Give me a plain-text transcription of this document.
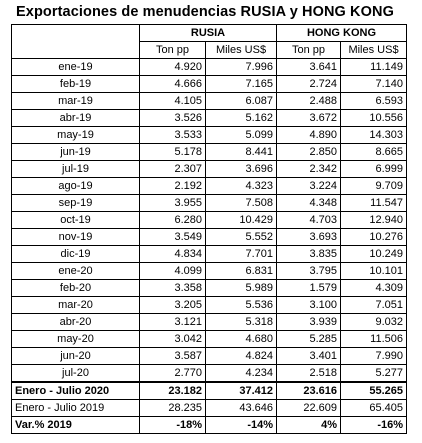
Exportaciones de menudencias RUSIA y HONG KONG
	RUSIA		HONG KONG	
	Ton pp	Miles US$	Ton pp	Miles US$
ene-19	4.920	7.996	3.641	11.149
feb-19	4.666	7.165	2.724	7.140
mar-19	4.105	6.087	2.488	6.593
abr-19	3.526	5.162	3.672	10.556
may-19	3.533	5.099	4.890	14.303
jun-19	5.178	8.441	2.850	8.665
jul-19	2.307	3.696	2.342	6.999
ago-19	2.192	4.323	3.224	9.709
sep-19	3.955	7.508	4.348	11.547
oct-19	6.280	10.429	4.703	12.940
nov-19	3.549	5.552	3.693	10.276
dic-19	4.834	7.701	3.835	10.249
ene-20	4.099	6.831	3.795	10.101
feb-20	3.358	5.989	1.579	4.309
mar-20	3.205	5.536	3.100	7.051
abr-20	3.121	5.318	3.939	9.032
may-20	3.042	4.680	5.285	11.506
jun-20	3.587	4.824	3.401	7.990
jul-20	2.770	4.234	2.518	5.277
Enero - Julio 2020	23.182	37.412	23.616	55.265
Enero - Julio 2019	28.235	43.646	22.609	65.405
Var.% 2019	-18%	-14%	4%	-16%
